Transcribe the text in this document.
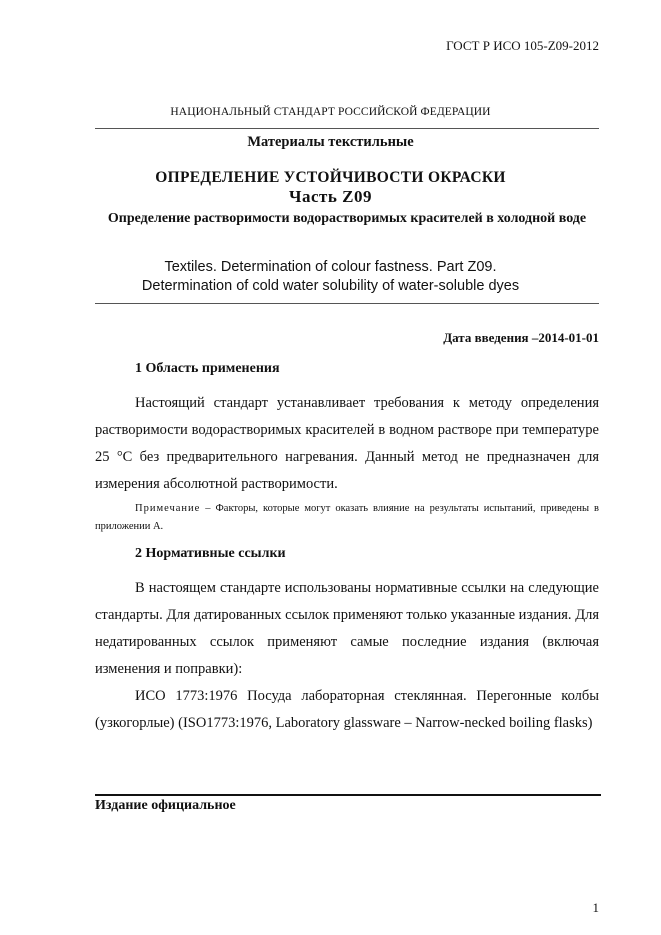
ГОСТ Р ИСО 105-Z09-2012
НАЦИОНАЛЬНЫЙ СТАНДАРТ РОССИЙСКОЙ ФЕДЕРАЦИИ
Материалы текстильные
ОПРЕДЕЛЕНИЕ УСТОЙЧИВОСТИ ОКРАСКИ
Часть Z09
Определение растворимости водорастворимых красителей в холодной воде
Textiles. Determination of colour fastness. Part Z09.
Determination of cold water solubility of water-soluble dyes
Дата введения –2014-01-01
1 Область применения
Настоящий стандарт устанавливает требования к методу определения растворимости водорастворимых красителей в водном растворе при температуре 25 °С без предварительного нагревания. Данный метод не предназначен для измерения абсолютной растворимости.
Примечание – Факторы, которые могут оказать влияние на результаты испытаний, приведены в приложении А.
2 Нормативные ссылки
В настоящем стандарте использованы нормативные ссылки на следующие стандарты. Для датированных ссылок применяют только указанные издания. Для недатированных ссылок применяют самые последние издания (включая изменения и поправки):
ИСО 1773:1976 Посуда лабораторная стеклянная. Перегонные колбы (узкогорлые) (ISO1773:1976, Laboratory glassware – Narrow-necked boiling flasks)
Издание официальное
1
